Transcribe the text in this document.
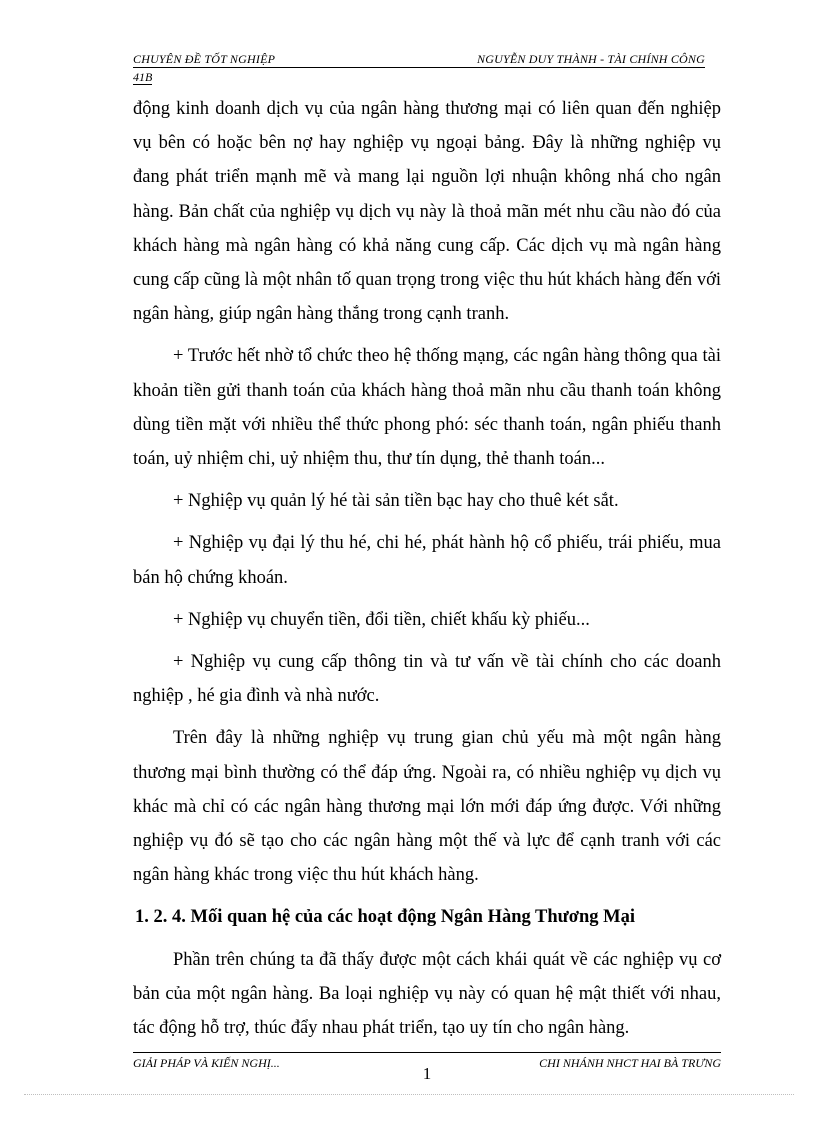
CHUYÊN ĐỀ TỐT NGHIỆP	NGUYỄN DUY THÀNH - TÀI CHÍNH CÔNG
41B

động kinh doanh dịch vụ của ngân hàng thương mại có liên quan đến nghiệp vụ bên có hoặc bên nợ hay nghiệp vụ ngoại bảng. Đây là những nghiệp vụ đang phát triển mạnh mẽ và mang lại nguồn lợi nhuận không nhá cho ngân hàng. Bản chất của nghiệp vụ dịch vụ này là thoả mãn mét nhu cầu nào đó của khách hàng mà ngân hàng có khả năng cung cấp. Các dịch vụ mà ngân hàng cung cấp cũng là một nhân tố quan trọng trong việc thu hút khách hàng đến với ngân hàng, giúp ngân hàng thắng trong cạnh tranh.

+ Trước hết nhờ tổ chức theo hệ thống mạng, các ngân hàng thông qua tài khoản tiền gửi thanh toán của khách hàng thoả mãn nhu cầu thanh toán không dùng tiền mặt với nhiều thể thức phong phó: séc thanh toán, ngân phiếu thanh toán, uỷ nhiệm chi, uỷ nhiệm thu, thư tín dụng, thẻ thanh toán...

+ Nghiệp vụ quản lý hé tài sản tiền bạc hay cho thuê két sắt.

+ Nghiệp vụ đại lý thu hé, chi hé, phát hành hộ cổ phiếu, trái phiếu, mua bán hộ chứng khoán.

+ Nghiệp vụ chuyển tiền, đổi tiền, chiết khấu kỳ phiếu...

+ Nghiệp vụ cung cấp thông tin và tư vấn về tài chính cho các doanh nghiệp , hé gia đình và nhà nước.

Trên đây là những nghiệp vụ trung gian chủ yếu mà một ngân hàng thương mại bình thường có thể đáp ứng. Ngoài ra, có nhiều nghiệp vụ dịch vụ khác mà chỉ có các ngân hàng thương mại lớn mới đáp ứng được. Với những nghiệp vụ đó sẽ tạo cho các ngân hàng một thế và lực để cạnh tranh với các ngân hàng khác trong việc thu hút khách hàng.

1. 2. 4. Mối quan hệ của các hoạt động Ngân Hàng Thương Mại

Phần trên chúng ta đã thấy được một cách khái quát về các nghiệp vụ cơ bản của một ngân hàng. Ba loại nghiệp vụ này có quan hệ mật thiết với nhau, tác động hỗ trợ, thúc đẩy nhau phát triển, tạo uy tín cho ngân hàng.

GIẢI PHÁP VÀ KIẾN NGHỊ...	CHI NHÁNH NHCT HAI BÀ TRƯNG
1
